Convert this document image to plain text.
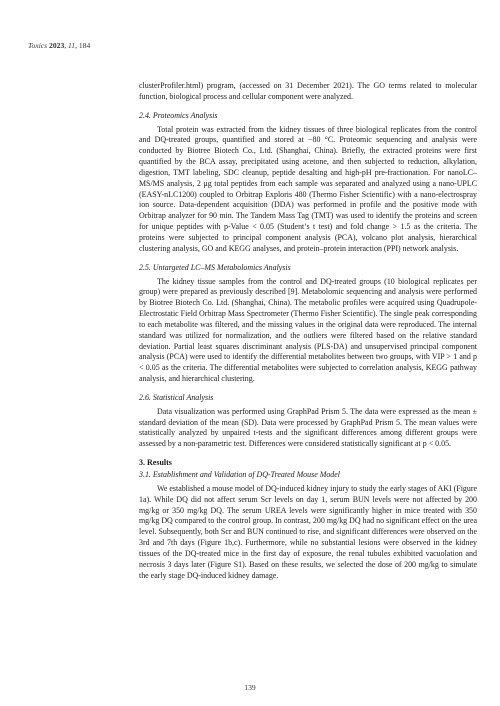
Toxics 2023, 11, 184

clusterProfiler.html) program, (accessed on 31 December 2021). The GO terms related to molecular function, biological process and cellular component were analyzed.

2.4. Proteomics Analysis

Total protein was extracted from the kidney tissues of three biological replicates from the control and DQ-treated groups, quantified and stored at −80 °C. Proteomic sequencing and analysis were conducted by Biotree Biotech Co., Ltd. (Shanghai, China). Briefly, the extracted proteins were first quantified by the BCA assay, precipitated using acetone, and then subjected to reduction, alkylation, digestion, TMT labeling, SDC cleanup, peptide desalting and high-pH pre-fractionation. For nanoLC–MS/MS analysis, 2 μg total peptides from each sample was separated and analyzed using a nano-UPLC (EASY-nLC1200) coupled to Orbitrap Exploris 480 (Thermo Fisher Scientific) with a nano-electrospray ion source. Data-dependent acquisition (DDA) was performed in profile and the positive mode with Orbitrap analyzer for 90 min. The Tandem Mass Tag (TMT) was used to identify the proteins and screen for unique peptides with p-Value < 0.05 (Student’s t test) and fold change > 1.5 as the criteria. The proteins were subjected to principal component analysis (PCA), volcano plot analysis, hierarchical clustering analysis, GO and KEGG analyses, and protein–protein interaction (PPI) network analysis.

2.5. Untargeted LC–MS Metabolomics Analysis

The kidney tissue samples from the control and DQ-treated groups (10 biological replicates per group) were prepared as previously described [9]. Metabolomic sequencing and analysis were performed by Biotree Biotech Co. Ltd. (Shanghai, China). The metabolic profiles were acquired using Quadrupole-Electrostatic Field Orbitrap Mass Spectrometer (Thermo Fisher Scientific). The single peak corresponding to each metabolite was filtered, and the missing values in the original data were reproduced. The internal standard was utilized for normalization, and the outliers were filtered based on the relative standard deviation. Partial least squares discriminant analysis (PLS-DA) and unsupervised principal component analysis (PCA) were used to identify the differential metabolites between two groups, with VIP > 1 and p < 0.05 as the criteria. The differential metabolites were subjected to correlation analysis, KEGG pathway analysis, and hierarchical clustering.

2.6. Statistical Analysis

Data visualization was performed using GraphPad Prism 5. The data were expressed as the mean ± standard deviation of the mean (SD). Data were processed by GraphPad Prism 5. The mean values were statistically analyzed by unpaired t-tests and the significant differences among different groups were assessed by a non-parametric test. Differences were considered statistically significant at p < 0.05.

3. Results
3.1. Establishment and Validation of DQ-Treated Mouse Model

We established a mouse model of DQ-induced kidney injury to study the early stages of AKI (Figure 1a). While DQ did not affect serum Scr levels on day 1, serum BUN levels were not affected by 200 mg/kg or 350 mg/kg DQ. The serum UREA levels were significantly higher in mice treated with 350 mg/kg DQ compared to the control group. In contrast, 200 mg/kg DQ had no significant effect on the urea level. Subsequently, both Scr and BUN continued to rise, and significant differences were observed on the 3rd and 7th days (Figure 1b,c). Furthermore, while no substantial lesions were observed in the kidney tissues of the DQ-treated mice in the first day of exposure, the renal tubules exhibited vacuolation and necrosis 3 days later (Figure S1). Based on these results, we selected the dose of 200 mg/kg to simulate the early stage DQ-induced kidney damage.

139
